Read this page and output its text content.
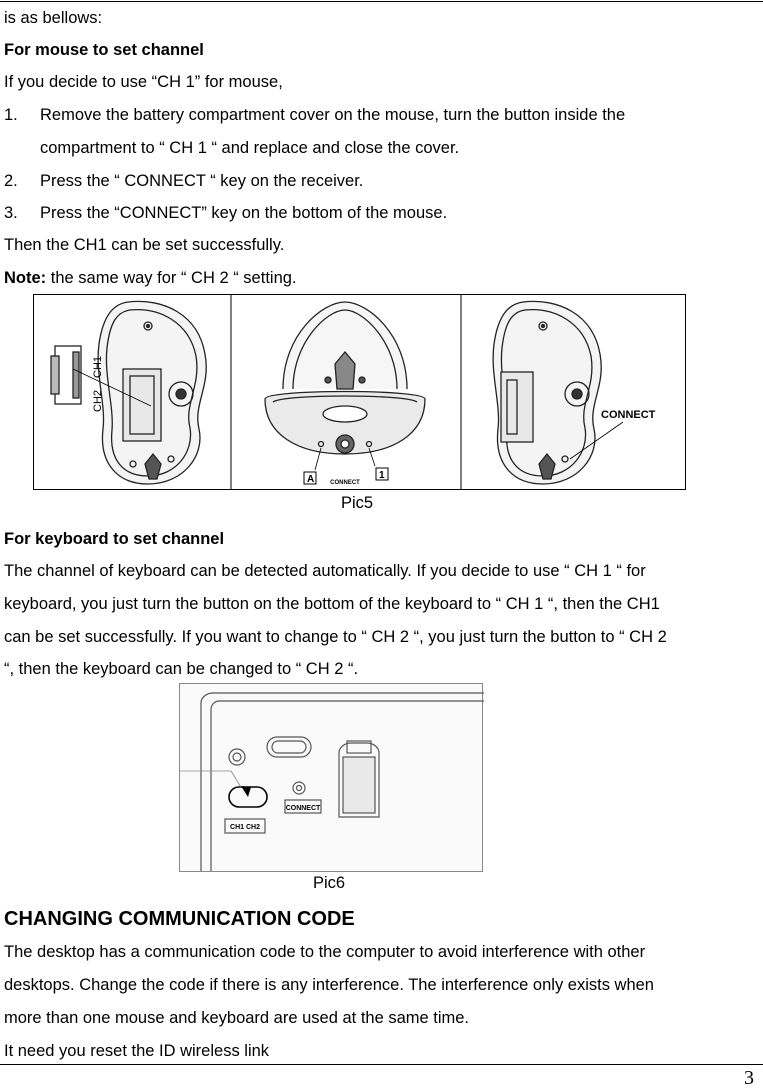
is as bellows:
For mouse to set channel
If you decide to use “CH 1” for mouse,
1. Remove the battery compartment cover on the mouse, turn the button inside the
compartment to “ CH 1 “ and replace and close the cover.
2. Press the “ CONNECT “ key on the receiver.
3. Press the “CONNECT” key on the bottom of the mouse.
Then the CH1 can be set successfully.
Note: the same way for “ CH 2 “ setting.
CH2
CH1
A	1
CONNECT
CONNECT
Pic5
For keyboard to set channel
The channel of keyboard can be detected automatically. If you decide to use “ CH 1 “ for
keyboard, you just turn the button on the bottom of the keyboard to “ CH 1 “, then the CH1
can be set successfully. If you want to change to “ CH 2 “, you just turn the button to “ CH 2
“, then the keyboard can be changed to “ CH 2 “.
CONNECT
CH1 CH2
Pic6
CHANGING COMMUNICATION CODE
The desktop has a communication code to the computer to avoid interference with other
desktops. Change the code if there is any interference. The interference only exists when
more than one mouse and keyboard are used at the same time.
It need you reset the ID wireless link
3
